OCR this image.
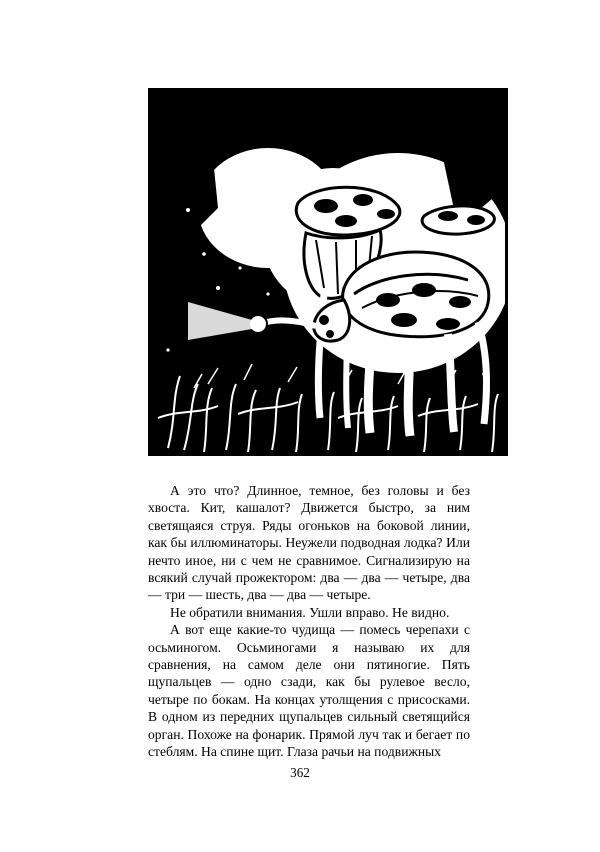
А это что? Длинное, темное, без головы и без хвоста. Кит, кашалот? Движется быстро, за ним светящаяся струя. Ряды огоньков на боковой линии, как бы иллюминаторы. Неужели подводная лодка? Или нечто иное, ни с чем не сравнимое. Сигнализирую на всякий случай прожектором: два — два — четыре, два — три — шесть, два — два — четыре.

Не обратили внимания. Ушли вправо. Не видно.

А вот еще какие-то чудища — помесь черепахи с осьминогом. Осьминогами я называю их для сравнения, на самом деле они пятиногие. Пять щупальцев — одно сзади, как бы рулевое весло, четыре по бокам. На концах утолщения с присосками. В одном из передних щупальцев сильный светящийся орган. Похоже на фонарик. Прямой луч так и бегает по стеблям. На спине щит. Глаза рачьи на подвижных

362
